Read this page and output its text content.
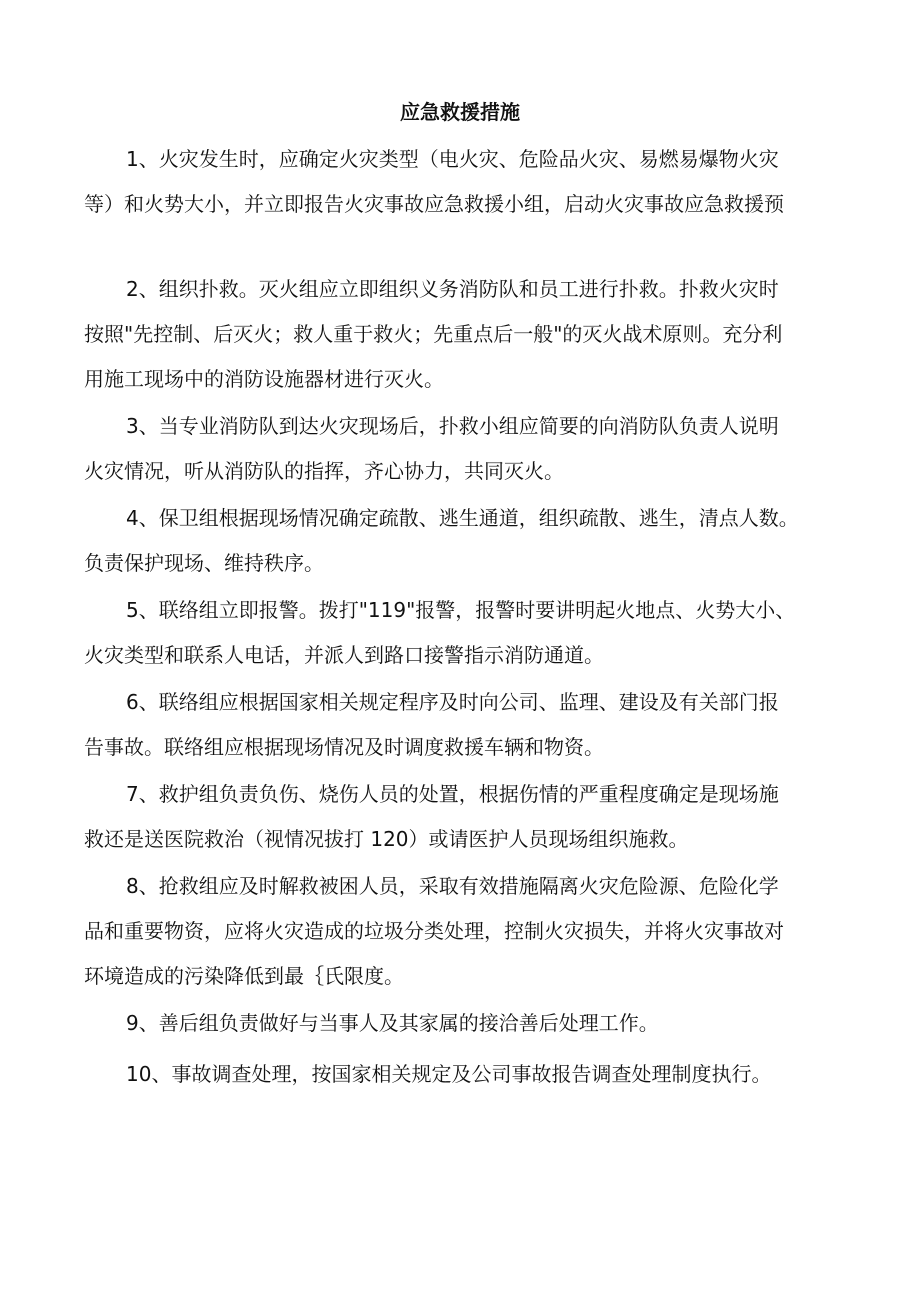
应急救援措施
1、火灾发生时，应确定火灾类型（电火灾、危险品火灾、易燃易爆物火灾
等）和火势大小，并立即报告火灾事故应急救援小组，启动火灾事故应急救援预
2、组织扑救。灭火组应立即组织义务消防队和员工进行扑救。扑救火灾时
按照"先控制、后灭火；救人重于救火；先重点后一般"的灭火战术原则。充分利
用施工现场中的消防设施器材进行灭火。
3、当专业消防队到达火灾现场后，扑救小组应简要的向消防队负责人说明
火灾情况，听从消防队的指挥，齐心协力，共同灭火。
4、保卫组根据现场情况确定疏散、逃生通道，组织疏散、逃生，清点人数。
负责保护现场、维持秩序。
5、联络组立即报警。拨打"119"报警，报警时要讲明起火地点、火势大小、
火灾类型和联系人电话，并派人到路口接警指示消防通道。
6、联络组应根据国家相关规定程序及时向公司、监理、建设及有关部门报
告事故。联络组应根据现场情况及时调度救援车辆和物资。
7、救护组负责负伤、烧伤人员的处置，根据伤情的严重程度确定是现场施
救还是送医院救治（视情况拔打 120）或请医护人员现场组织施救。
8、抢救组应及时解救被困人员，采取有效措施隔离火灾危险源、危险化学
品和重要物资，应将火灾造成的垃圾分类处理，控制火灾损失，并将火灾事故对
环境造成的污染降低到最｛氏限度。
9、善后组负责做好与当事人及其家属的接洽善后处理工作。
10、事故调查处理，按国家相关规定及公司事故报告调查处理制度执行。
